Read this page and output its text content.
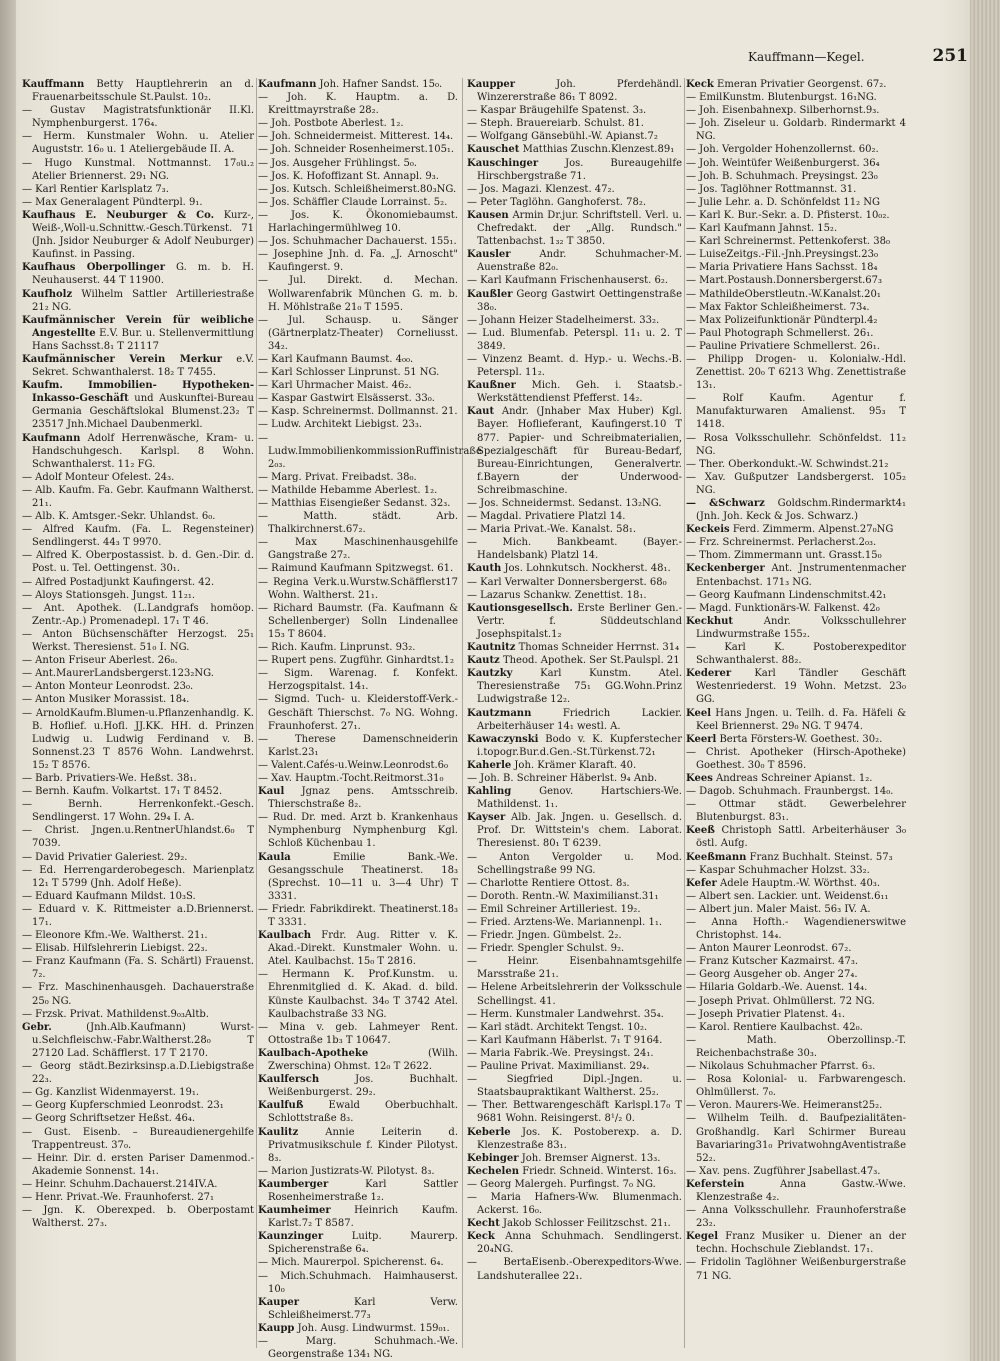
Kauffmann—Kegel.	251

Kauffmann Betty Hauptlehrerin an d. Frauenarbeitsschule St.Paulst. 10₂.

— Gustav Magistratsfunktionär II.Kl. Nymphenburgerst. 176₄.

— Herm. Kunstmaler Wohn. u. Atelier Auguststr. 16₀ u. 1 Ateliergebäude II. A.

— Hugo Kunstmal. Nottmannst. 17₀u.₂ Atelier Briennerst. 29₁ NG.

— Karl Rentier Karlsplatz 7₃.

— Max Generalagent Pündterpl. 9₁.

Kaufhaus E. Neuburger & Co. Kurz-, Weiß-,Woll-u.Schnittw.-Gesch.Türkenst. 71 (Jnh. Jsidor Neuburger & Adolf Neuburger) Kaufinst. in Passing.

Kaufhaus Oberpollinger G. m. b. H. Neuhauserst. 44 T 11900.

Kaufholz Wilhelm Sattler Artilleriestraße 21₂ NG.

Kaufmännischer Verein für weibliche Angestellte E.V. Bur. u. Stellenvermittlung Hans Sachsst.8₁ T 21117

Kaufmännischer Verein Merkur e.V. Sekret. Schwanthalerst. 18₂ T 7455.

Kaufm. Immobilien- Hypotheken- Inkasso-Geschäft und Auskunftei-Bureau Germania Geschäftslokal Blumenst.23₂ T 23517 Jnh.Michael Daubenmerkl.

Kaufmann Adolf Herrenwäsche, Kram- u. Handschuhgesch. Karlspl. 8 Wohn. Schwanthalerst. 11₂ FG.

— Adolf Monteur Ofelest. 24₃.

— Alb. Kaufm. Fa. Gebr. Kaufmann Waltherst. 21₁.

— Alb. K. Amtsger.-Sekr. Uhlandst. 6₀.

— Alfred Kaufm. (Fa. L. Regensteiner) Sendlingerst. 44₃ T 9970.

— Alfred K. Oberpostassist. b. d. Gen.-Dir. d. Post. u. Tel. Oettingenst. 30₁.

— Alfred Postadjunkt Kaufingerst. 42.

— Aloys Stationsgeh. Jungst. 11₂₁.

— Ant. Apothek. (L.Landgrafs homöop. Zentr.-Ap.) Promenadepl. 17₁ T 46.

— Anton Büchsenschäfter Herzogst. 25₁ Werkst. Theresienst. 51₀ I. NG.

— Anton Friseur Aberlest. 26₀.

— Ant.MaurerLandsbergerst.123₂NG.

— Anton Monteur Leonrodst. 23₀.

— Anton Musiker Morassist. 18₄.

— ArnoldKaufm.Blumen-u.Pflanzenhandlg. K. B. Hoflief. u.Hofl. JJ.KK. HH. d. Prinzen Ludwig u. Ludwig Ferdinand v. B. Sonnenst.23 T 8576 Wohn. Landwehrst. 15₂ T 8576.

— Barb. Privatiers-We. Heßst. 38₁.

— Bernh. Kaufm. Volkartst. 17₁ T 8452.

— Bernh. Herrenkonfekt.-Gesch. Sendlingerst. 17 Wohn. 29₄ I. A.

— Christ. Jngen.u.RentnerUhlandst.6₀ T 7039.

— David Privatier Galeriest. 29₂.

— Ed. Herrengarderobegesch. Marienplatz 12₁ T 5799 (Jnh. Adolf Heße).

— Eduard Kaufmann Mildst. 10₃S.

— Eduard v. K. Rittmeister a.D.Briennerst. 17₁.

— Eleonore Kfm.-We. Waltherst. 21₁.

— Elisab. Hilfslehrerin Liebigst. 22₃.

— Franz Kaufmann (Fa. S. Schärtl) Frauenst. 7₂.

— Frz. Maschinenhausgeh. Dachauerstraße 25₀ NG.

— Frzsk. Privat. Mathildenst.9₀₃Altb.

Gebr.	(Jnh.Alb.Kaufmann) Wurst- u.Selchfleischw.-Fabr.Waltherst.28₀ T 27120 Lad. Schäfflerst. 17 T 2170.

— Georg städt.Bezirksinsp.a.D.Liebigstraße 22₃.

— Gg. Kanzlist Widenmayerst. 19₁.

— Georg Kupferschmied Leonrodst. 23₁

— Georg Schriftsetzer Heßst. 46₄.

— Gust. Eisenb. – Bureaudienergehilfe Trappentreust. 37₀.

— Heinr. Dir. d. ersten Pariser Damenmod.-Akademie Sonnenst. 14₁.

— Heinr. Schuhm.Dachauerst.214IV.A.

— Henr. Privat.-We. Fraunhoferst. 27₁

— Jgn. K. Oberexped. b. Oberpostamt Waltherst. 27₃.

Kaufmann Joh. Hafner Sandst. 15₀.

— Joh. K. Hauptm. a. D. Kreittmayrstraße 28₂.

— Joh. Postbote Aberlest. 1₂.

— Joh. Schneidermeist. Mitterest. 14₄.

— Joh. Schneider Rosenheimerst.105₁.

— Jos. Ausgeher Frühlingst. 5₀.

— Jos. K. Hofoffizant St. Annapl. 9₃.

— Jos. Kutsch. Schleißheimerst.80₃NG.

— Jos. Schäffler Claude Lorrainst. 5₂.

— Jos. K. Ökonomiebaumst. Harlachingermühlweg 10.

— Jos. Schuhmacher Dachauerst. 155₁.

— Josephine Jnh. d. Fa. „J. Arnoscht" Kaufingerst. 9.

— Jul. Direkt. d. Mechan. Wollwarenfabrik München G. m. b. H. Möhlstraße 21₀ T 1595.

— Jul. Schausp. u. Sänger (Gärtnerplatz-Theater) Corneliusst. 34₂.

— Karl Kaufmann Baumst. 4₀₀.

— Karl Schlosser Linprunst. 51 NG.

— Karl Uhrmacher Maist. 46₂.

— Kaspar Gastwirt Elsässerst. 33₀.

— Kasp. Schreinermst. Dollmannst. 21.

— Ludw. Architekt Liebigst. 23₃.

— Ludw.ImmobilienkommissionRuffinistraße 2₀₃.

— Marg. Privat. Freibadst. 38₀.

— Mathilde Hebamme Aberlest. 1₂.

— Matthias Eisengießer Sedanst. 32₃.

— Matth. städt. Arb. Thalkirchnerst.67₂.

— Max Maschinenhausgehilfe Gangstraße 27₂.

— Raimund Kaufmann Spitzwegst. 61.

— Regina Verk.u.Wurstw.Schäfflerst17 Wohn. Waltherst. 21₁.

— Richard Baumstr. (Fa. Kaufmann & Schellenberger) Solln Lindenallee 15₃ T 8604.

— Rich. Kaufm. Linprunst. 93₂.

— Rupert pens. Zugführ. Ginhardtst.1₂

— Sigm. Warenag. f. Konfekt. Herzogspitalst. 14₁.

— Sigmd. Tuch- u. Kleiderstoff-Verk.-Geschäft Thierschst. 7₀ NG. Wohng. Fraunhoferst. 27₁.

— Therese Damenschneiderin Karlst.23₁

— Valent.Cafés-u.Weinw.Leonrodst.6₀

— Xav. Hauptm.-Tocht.Reitmorst.31₀

Kaul Jgnaz pens. Amtsschreib. Thierschstraße 8₂.

— Rud. Dr. med. Arzt b. Krankenhaus Nymphenburg Nymphenburg Kgl. Schloß Küchenbau 1.

Kaula	Emilie Bank.-We. Gesangsschule Theatinerst. 18₃ (Sprechst. 10—11 u. 3—4 Uhr) T 3331.

— Friedr. Fabrikdirekt. Theatinerst.18₃ T 3331.

Kaulbach Frdr. Aug. Ritter v. K. Akad.-Direkt. Kunstmaler Wohn. u. Atel. Kaulbachst. 15₀ T 2816.

— Hermann K. Prof.Kunstm. u. Ehrenmitglied d. K. Akad. d. bild. Künste Kaulbachst. 34₀ T 3742 Atel. Kaulbachstraße 33 NG.

— Mina v. geb. Lahmeyer Rent. Ottostraße 1b₃ T 10647.

Kaulbach-Apotheke	(Wilh. Zwerschina) Ohmst. 12₀ T 2622.

Kaulfersch	Jos. Buchhalt. Weißenburgerst. 29₂.

Kaulfuß	Ewald Oberbuchhalt. Schlottstraße 8₃.

Kaulitz	Annie Leiterin d. Privatmusikschule f. Kinder Pilotyst. 8₃.

— Marion Justizrats-W. Pilotyst. 8₃.

Kaumberger	Karl Sattler Rosenheimerstraße 1₂.

Kaumheimer Heinrich Kaufm. Karlst.7₂ T 8587.

Kaunzinger	Luitp. Maurerp. Spicherenstraße 6₄.

— Mich. Maurerpol. Spicherenst. 6₄.

— Mich.Schuhmach. Haimhauserst. 10₀

Kauper	Karl Verw. Schleißheimerst.77₃

Kaupp Joh. Ausg. Lindwurmst. 159₀₁.

— Marg. Schuhmach.-We. Georgenstraße 134₁ NG.

Kaupper	Joh. Pferdehändl. Winzererstraße 86₁ T 8092.

— Kaspar Bräugehilfe Spatenst. 3₃.

— Steph. Brauereiarb. Schulst. 81.

— Wolfgang Gänsebühl.-W. Apianst.7₂

Kauschet Matthias Zuschn.Klenzest.89₁

Kauschinger	Jos. Bureaugehilfe Hirschbergstraße 71.

— Jos. Magazi. Klenzest. 47₂.

— Peter Taglöhn. Ganghoferst. 78₂.

Kausen Armin Dr.jur. Schriftstell. Verl. u. Chefredakt. der „Allg. Rundsch." Tattenbachst. 1₃₂ T 3850.

Kausler	Andr. Schuhmacher-M. Auenstraße 82₀.

— Karl Kaufmann Frischenhauserst. 6₂.

Kaußler Georg Gastwirt Oettingenstraße 38₀.

— Johann Heizer Stadelheimerst. 33₂.

— Lud. Blumenfab. Peterspl. 11₁ u. 2. T 3849.

— Vinzenz Beamt. d. Hyp.- u. Wechs.-B. Peterspl. 11₂.

Kaußner Mich. Geh. i. Staatsb.-Werkstättendienst Pfefferst. 14₂.

Kaut Andr. (Jnhaber Max Huber) Kgl. Bayer. Hoflieferant, Kaufingerst.10 T 877. Papier- und Schreibmaterialien, Spezialgeschäft für Bureau-Bedarf, Bureau-Einrichtungen, Generalvertr. f.Bayern der Underwood-Schreibmaschine.

— Jos. Schneidermst. Sedanst. 13₂NG.

— Magdal. Privatiere Platzl 14.

— Maria Privat.-We. Kanalst. 58₁.

— Mich. Bankbeamt. (Bayer.-Handelsbank) Platzl 14.

Kauth Jos. Lohnkutsch. Nockherst. 48₁.

— Karl Verwalter Donnersbergerst. 68₀

— Lazarus Schankw. Zenettist. 18₁.

Kautionsgesellsch. Erste Berliner Gen.-Vertr. f. Süddeutschland Josephspitalst.1₂

Kautnitz Thomas Schneider Herrnst. 31₄

Kautz Theod. Apothek. Ser St.Paulspl. 21

Kautzky	Karl Kunstm. Atel. Theresienstraße 75₁ GG.Wohn.Prinz Ludwigstraße 12₂.

Kautzmann	Friedrich Lackier. Arbeiterhäuser 14₁ westl. A.

Kawaczynski Bodo v. K. Kupferstecher i.topogr.Bur.d.Gen.-St.Türkenst.72₁

Kaherle Joh. Krämer Klaraft. 40.

— Joh. B. Schreiner Häberlst. 9₄ Anb.

Kahling	Genov. Hartschiers-We. Mathildenst. 1₁.

Kayser Alb. Jak. Jngen. u. Gesellsch. d. Prof. Dr. Wittstein's chem. Laborat. Theresienst. 80₁ T 6239.

— Anton Vergolder u. Mod. Schellingstraße 99 NG.

— Charlotte Rentiere Ottost. 8₃.

— Doroth. Rentn.-W. Maximilianst.31₁

— Emil Schreiner Artilleriest. 19₂.

— Fried. Arztens-We. Mariannenpl. 1₁.

— Friedr. Jngen. Gümbelst. 2₂.

— Friedr. Spengler Schulst. 9₂.

— Heinr. Eisenbahnamtsgehilfe Marsstraße 21₁.

— Helene Arbeitslehrerin der Volksschule Schellingst. 41.

— Herm. Kunstmaler Landwehrst. 35₄.

— Karl städt. Architekt Tengst. 10₂.

— Karl Kaufmann Häberlst. 7₁ T 9164.

— Maria Fabrik.-We. Preysingst. 24₁.

— Pauline Privat. Maximilianst. 29₄.

— Siegfried Dipl.-Jngen. u. Staatsbaupraktikant Waltherst. 25₂.

— Ther. Bettwarengeschäft Karlspl.17₀ T 9681 Wohn. Reisingerst. 8¹/₂ 0.

Keberle Jos. K. Postoberexp. a. D. Klenzestraße 83₁.

Kebinger Joh. Bremser Aignerst. 13₃.

Kechelen Friedr. Schneid. Winterst. 16₃.

— Georg Malergeh. Purfingst. 7₀ NG.

— Maria Hafners-Ww. Blumenmach. Ackerst. 16₀.

Kecht Jakob Schlosser Feilitzschst. 21₁.

Keck Anna Schuhmach. Sendlingerst. 20₄NG.

— BertaEisenb.-Oberexpeditors-Wwe. Landshuterallee 22₁.

Keck Emeran Privatier Georgenst. 67₂.

— EmilKunstm. Blutenburgst. 16₁NG.

— Joh. Eisenbahnexp. Silberhornst.9₃.

— Joh. Ziseleur u. Goldarb. Rindermarkt 4 NG.

— Joh. Vergolder Hohenzollernst. 60₂.

— Joh. Weintüfer Weißenburgerst. 36₄

— Joh. B. Schuhmach. Preysingst. 23₀

— Jos. Taglöhner Rottmannst. 31.

— Julie Lehr. a. D. Schönfeldst 11₂ NG

— Karl K. Bur.-Sekr. a. D. Pfisterst. 10₀₂.

— Karl Kaufmann Jahnst. 15₂.

— Karl Schreinermst. Pettenkoferst. 38₀

— LuiseZeitgs.-Fil.-Jnh.Preysingst.23₀

— Maria Privatiere Hans Sachsst. 18₄

— Mart.Postaush.Donnersbergerst.67₃

— MathildeOberstleutn.-W.Kanalst.20₁

— Max Faktor Schleißheimerst. 73₄.

— Max Polizeifunktionär Pündterpl.4₂

— Paul Photograph Schmellerst. 26₁.

— Pauline Privatiere Schmellerst. 26₁.

— Philipp Drogen- u. Kolonialw.-Hdl. Zenettist. 20₀ T 6213 Whg. Zenettistraße 13₁.

— Rolf Kaufm. Agentur f. Manufakturwaren Amalienst. 95₃ T 1418.

— Rosa Volksschullehr. Schönfeldst. 11₂ NG.

— Ther. Oberkondukt.-W. Schwindst.21₂

— Xav. Gußputzer Landsbergerst. 105₂ NG.

— &Schwarz Goldschm.Rindermarkt4₁ (Jnh. Joh. Keck & Jos. Schwarz.)

Keckeis Ferd. Zimmerm. Alpenst.27₀NG

— Frz. Schreinermst. Perlacherst.2₀₃.

— Thom. Zimmermann unt. Grasst.15₀

Keckenberger Ant. Jnstrumentenmacher Entenbachst. 171₃ NG.

— Georg Kaufmann Lindenschmitst.42₁

— Magd. Funktionärs-W. Falkenst. 42₀

Keckhut	Andr. Volksschullehrer Lindwurmstraße 155₂.

— Karl K. Postoberexpeditor Schwanthalerst. 88₂.

Kederer Karl Tändler Geschäft Westenriederst. 19 Wohn. Metzst. 23₀ GG.

Keel Hans Jngen. u. Teilh. d. Fa. Häfeli & Keel Briennerst. 29₀ NG. T 9474.

Keerl Berta Försters-W. Goethest. 30₂.

— Christ. Apotheker (Hirsch-Apotheke) Goethest. 30₀ T 8596.

Kees Andreas Schreiner Apianst. 1₂.

— Dagob. Schuhmach. Fraunbergst. 14₀.

— Ottmar städt. Gewerbelehrer Blutenburgst. 83₁.

Keeß Christoph Sattl. Arbeiterhäuser 3₀ östl. Aufg.

Keeßmann Franz Buchhalt. Steinst. 57₃

— Kaspar Schuhmacher Holzst. 33₂.

Kefer Adele Hauptm.-W. Wörthst. 40₃.

— Albert sen. Lackier. unt. Weidenst.6₁₁

— Albert jun. Maler Maist. 56₃ IV. A.

— Anna Hofth.- Wagendienerswitwe Christophst. 14₄.

— Anton Maurer Leonrodst. 67₂.

— Franz Kutscher Kazmairst. 47₃.

— Georg Ausgeher ob. Anger 27₄.

— Hilaria Goldarb.-We. Auenst. 14₄.

— Joseph Privat. Ohlmüllerst. 72 NG.

— Joseph Privatier Platenst. 4₁.

— Karol. Rentiere Kaulbachst. 42₀.

— Math. Oberzollinsp.-T. Reichenbachstraße 30₃.

— Nikolaus Schuhmacher Pfarrst. 6₃.

— Rosa Kolonial- u. Farbwarengesch. Ohlmüllerst. 7₀.

— Veron. Maurers-We. Heimeranst25₂.

— Wilhelm Teilh. d. Baufpezialitäten-Großhandlg. Karl Schirmer Bureau Bavariaring31₀ PrivatwohngAventistraße 52₂.

— Xav. pens. Zugführer Jsabellast.47₃.

Keferstein	Anna Gastw.-Wwe. Klenzestraße 4₂.

— Anna Volksschullehr. Fraunhoferstraße 23₂.

Kegel Franz Musiker u. Diener an der techn. Hochschule Zieblandst. 17₁.

— Fridolin Taglöhner Weißenburgerstraße 71 NG.
